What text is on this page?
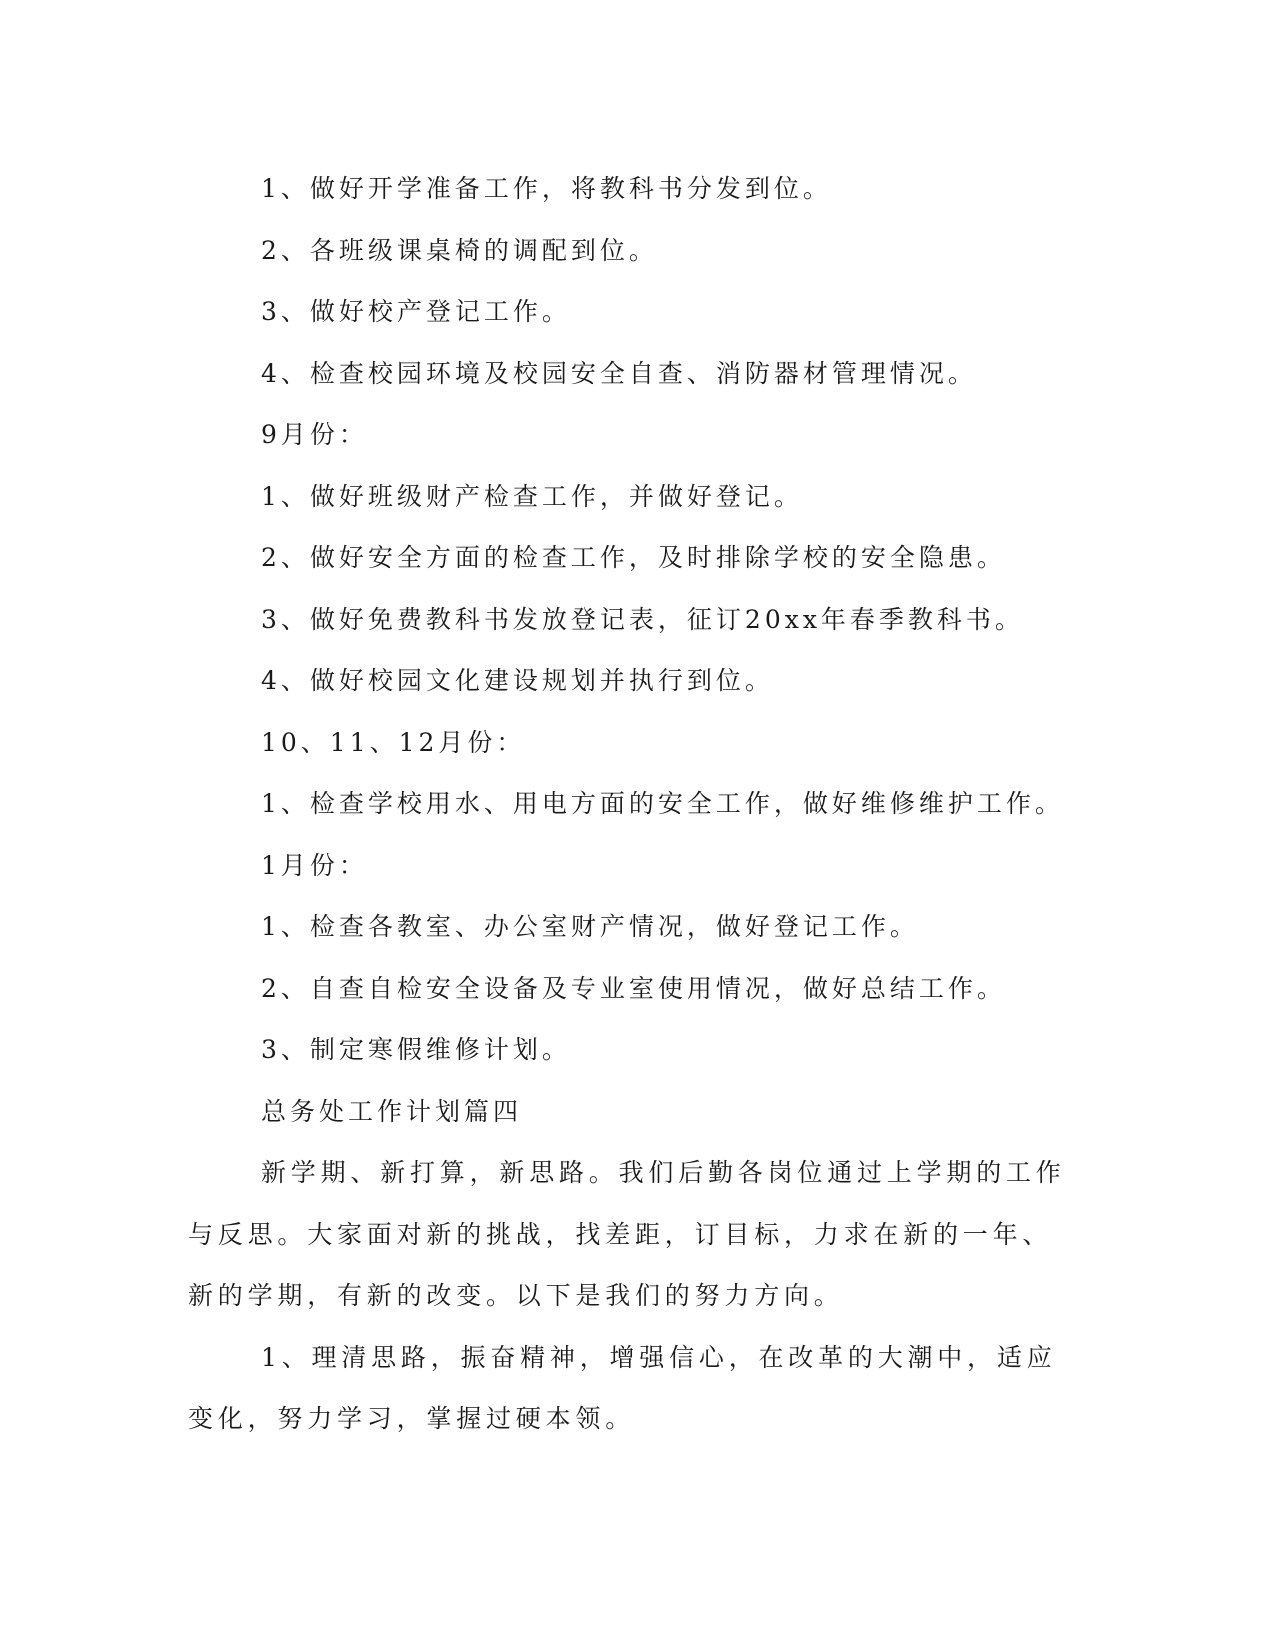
1、做好开学准备工作，将教科书分发到位。
2、各班级课桌椅的调配到位。
3、做好校产登记工作。
4、检查校园环境及校园安全自查、消防器材管理情况。
9月份：
1、做好班级财产检查工作，并做好登记。
2、做好安全方面的检查工作，及时排除学校的安全隐患。
3、做好免费教科书发放登记表，征订20xx年春季教科书。
4、做好校园文化建设规划并执行到位。
10、11、12月份：
1、检查学校用水、用电方面的安全工作，做好维修维护工作。
1月份：
1、检查各教室、办公室财产情况，做好登记工作。
2、自查自检安全设备及专业室使用情况，做好总结工作。
3、制定寒假维修计划。
总务处工作计划篇四

新学期、新打算，新思路。我们后勤各岗位通过上学期的工作与反思。大家面对新的挑战，找差距，订目标，力求在新的一年、新的学期，有新的改变。以下是我们的努力方向。

1、理清思路，振奋精神，增强信心，在改革的大潮中，适应变化，努力学习，掌握过硬本领。
